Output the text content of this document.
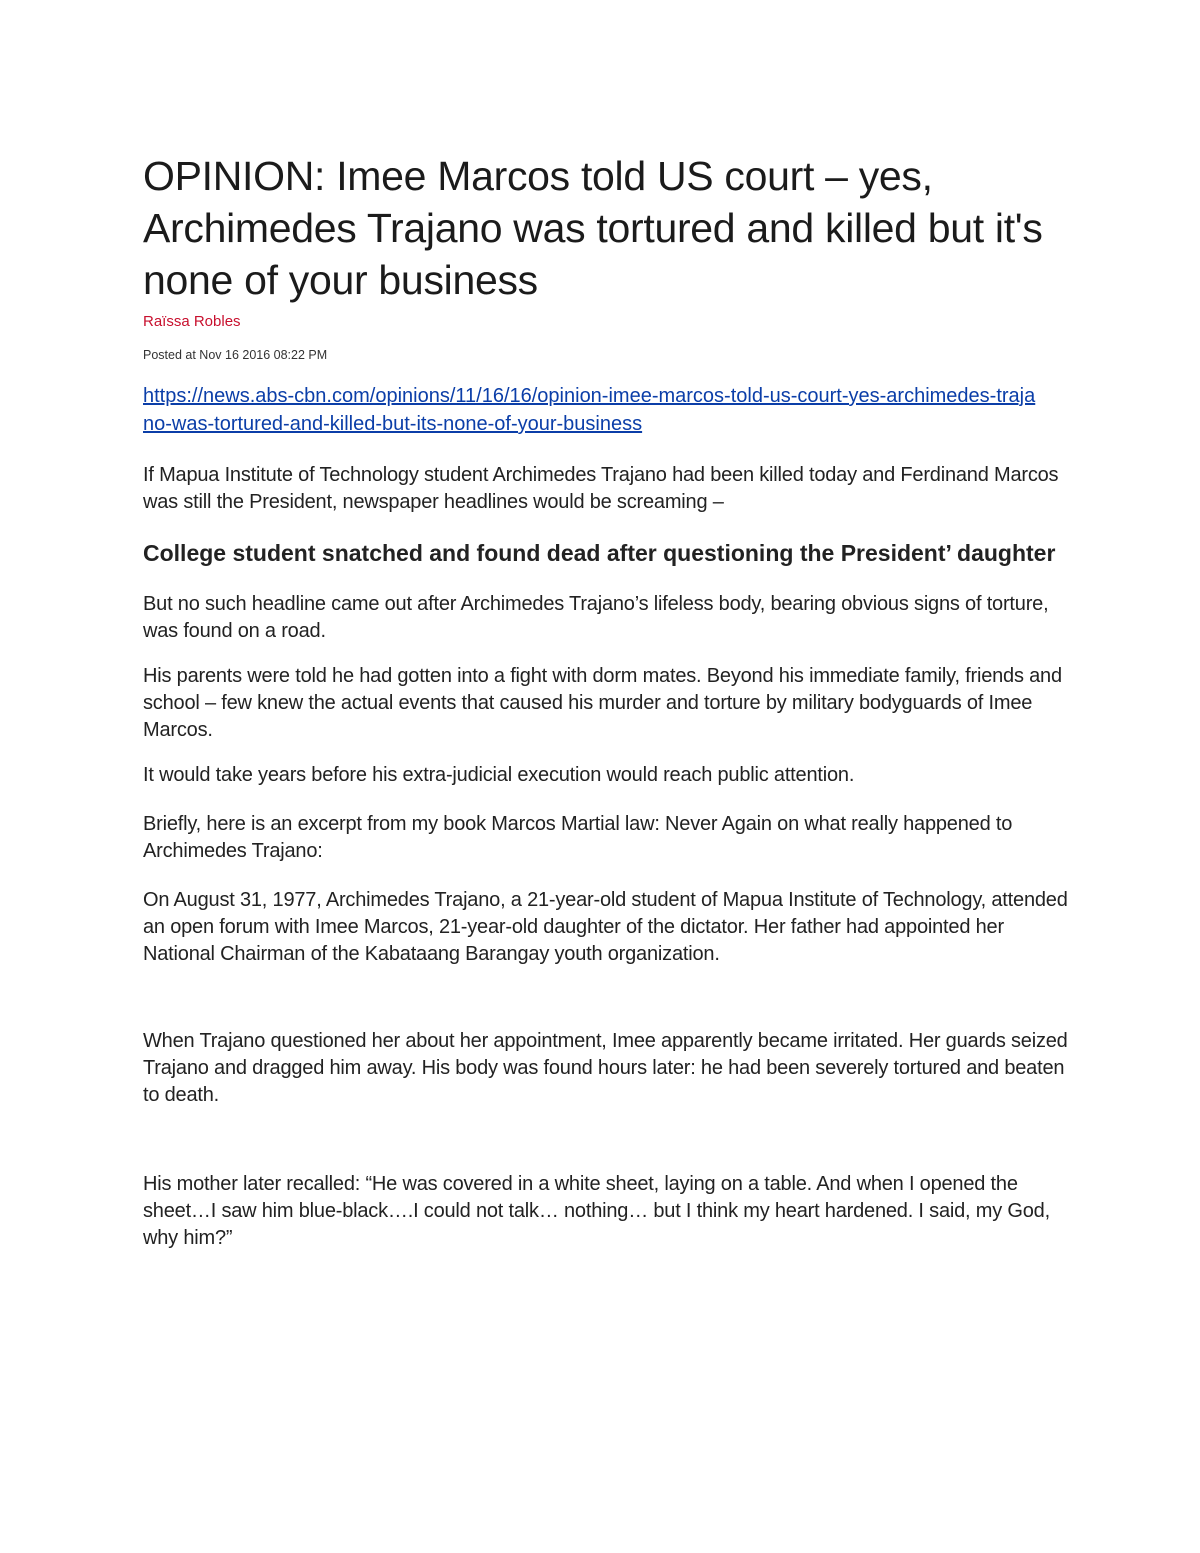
OPINION: Imee Marcos told US court – yes, Archimedes Trajano was tortured and killed but it's none of your business
Raïssa Robles
Posted at Nov 16 2016 08:22 PM
https://news.abs-cbn.com/opinions/11/16/16/opinion-imee-marcos-told-us-court-yes-archimedes-trajano-was-tortured-and-killed-but-its-none-of-your-business

If Mapua Institute of Technology student Archimedes Trajano had been killed today and Ferdinand Marcos was still the President, newspaper headlines would be screaming –

College student snatched and found dead after questioning the President’ daughter

But no such headline came out after Archimedes Trajano’s lifeless body, bearing obvious signs of torture, was found on a road.

His parents were told he had gotten into a fight with dorm mates. Beyond his immediate family, friends and school – few knew the actual events that caused his murder and torture by military bodyguards of Imee Marcos.

It would take years before his extra-judicial execution would reach public attention.

Briefly, here is an excerpt from my book Marcos Martial law: Never Again on what really happened to Archimedes Trajano:

On August 31, 1977, Archimedes Trajano, a 21-year-old student of Mapua Institute of Technology, attended an open forum with Imee Marcos, 21-year-old daughter of the dictator. Her father had appointed her National Chairman of the Kabataang Barangay youth organization.

When Trajano questioned her about her appointment, Imee apparently became irritated. Her guards seized Trajano and dragged him away. His body was found hours later: he had been severely tortured and beaten to death.

His mother later recalled: “He was covered in a white sheet, laying on a table. And when I opened the sheet…I saw him blue-black….I could not talk… nothing… but I think my heart hardened. I said, my God, why him?”
